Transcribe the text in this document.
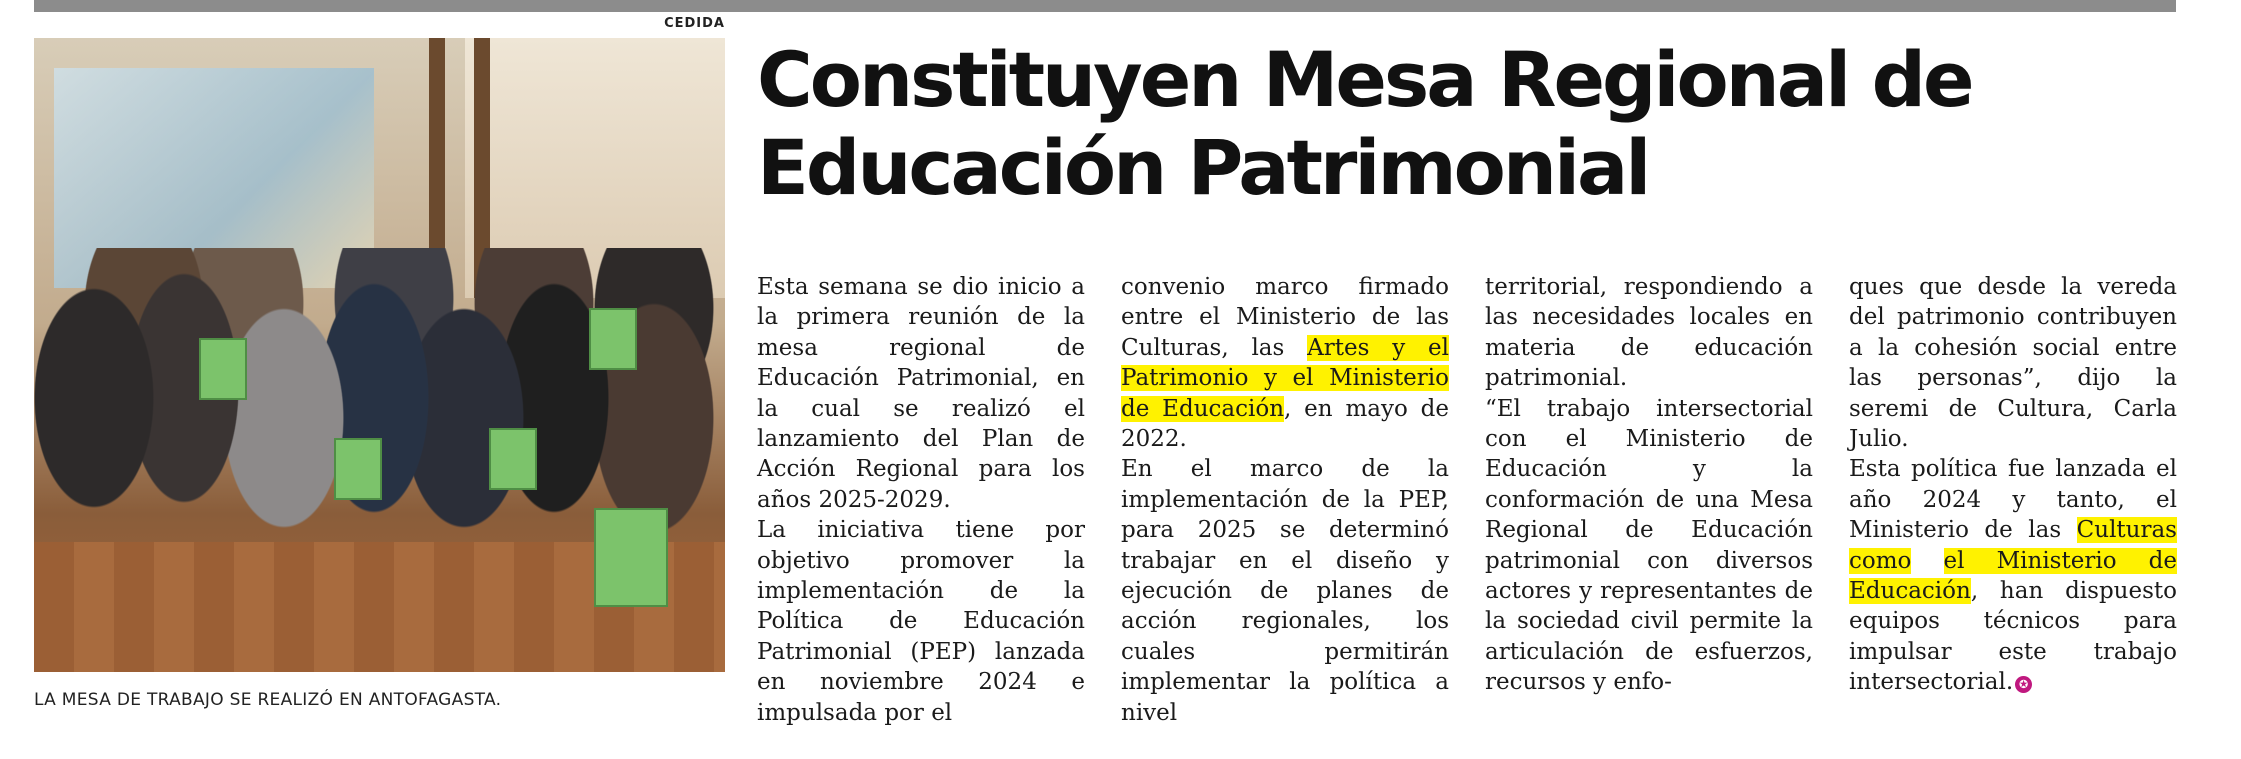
CEDIDA
LA MESA DE TRABAJO SE REALIZÓ EN ANTOFAGASTA.
Constituyen Mesa Regional de Educación Patrimonial

Esta semana se dio inicio a la primera reunión de la mesa regional de Educación Patrimonial, en la cual se realizó el lanzamiento del Plan de Acción Regional para los años 2025-2029.

La iniciativa tiene por objetivo promover la implementación de la Política de Educación Patrimonial (PEP) lanzada en noviembre 2024 e impulsada por el

convenio marco firmado entre el Ministerio de las Culturas, las Artes y el Patrimonio y el Ministerio de Educación, en mayo de 2022.

En el marco de la implementación de la PEP, para 2025 se determinó trabajar en el diseño y ejecución de planes de acción regionales, los cuales permitirán implementar la política a nivel

territorial, respondiendo a las necesidades locales en materia de educación patrimonial.

“El trabajo intersectorial con el Ministerio de Educación y la conformación de una Mesa Regional de Educación patrimonial con diversos actores y representantes de la sociedad civil permite la articulación de esfuerzos, recursos y enfo-

ques que desde la vereda del patrimonio contribuyen a la cohesión social entre las personas”, dijo la seremi de Cultura, Carla Julio.

Esta política fue lanzada el año 2024 y tanto, el Ministerio de las Culturas como el Ministerio de Educación, han dispuesto equipos técnicos para impulsar este trabajo intersectorial. ✪
